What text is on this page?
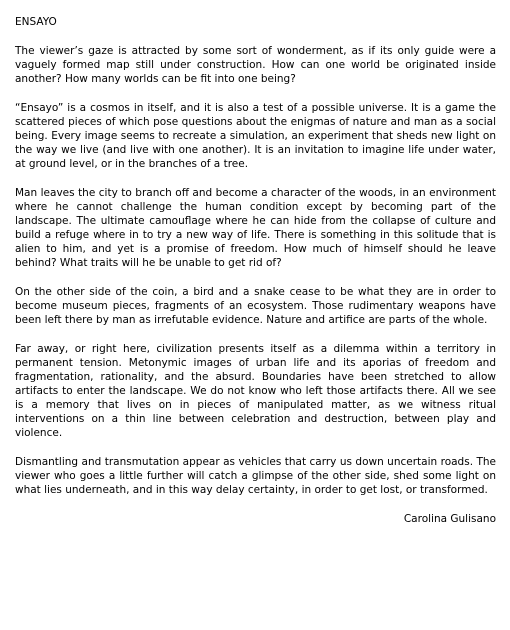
ENSAYO

The viewer’s gaze is attracted by some sort of wonderment, as if its only guide were a vaguely formed map still under construction. How can one world be originated inside another? How many worlds can be fit into one being?

“Ensayo” is a cosmos in itself, and it is also a test of a possible universe. It is a game the scattered pieces of which pose questions about the enigmas of nature and man as a social being. Every image seems to recreate a simulation, an experiment that sheds new light on the way we live (and live with one another). It is an invitation to imagine life under water, at ground level, or in the branches of a tree.

Man leaves the city to branch off and become a character of the woods, in an environment where he cannot challenge the human condition except by becoming part of the landscape. The ultimate camouflage where he can hide from the collapse of culture and build a refuge where in to try a new way of life. There is something in this solitude that is alien to him, and yet is a promise of freedom. How much of himself should he leave behind? What traits will he be unable to get rid of?

On the other side of the coin, a bird and a snake cease to be what they are in order to become museum pieces, fragments of an ecosystem. Those rudimentary weapons have been left there by man as irrefutable evidence. Nature and artifice are parts of the whole.

Far away, or right here, civilization presents itself as a dilemma within a territory in permanent tension. Metonymic images of urban life and its aporias of freedom and fragmentation, rationality, and the absurd. Boundaries have been stretched to allow artifacts to enter the landscape. We do not know who left those artifacts there. All we see is a memory that lives on in pieces of manipulated matter, as we witness ritual interventions on a thin line between celebration and destruction, between play and violence.

Dismantling and transmutation appear as vehicles that carry us down uncertain roads. The viewer who goes a little further will catch a glimpse of the other side, shed some light on what lies underneath, and in this way delay certainty, in order to get lost, or transformed.

Carolina Gulisano
